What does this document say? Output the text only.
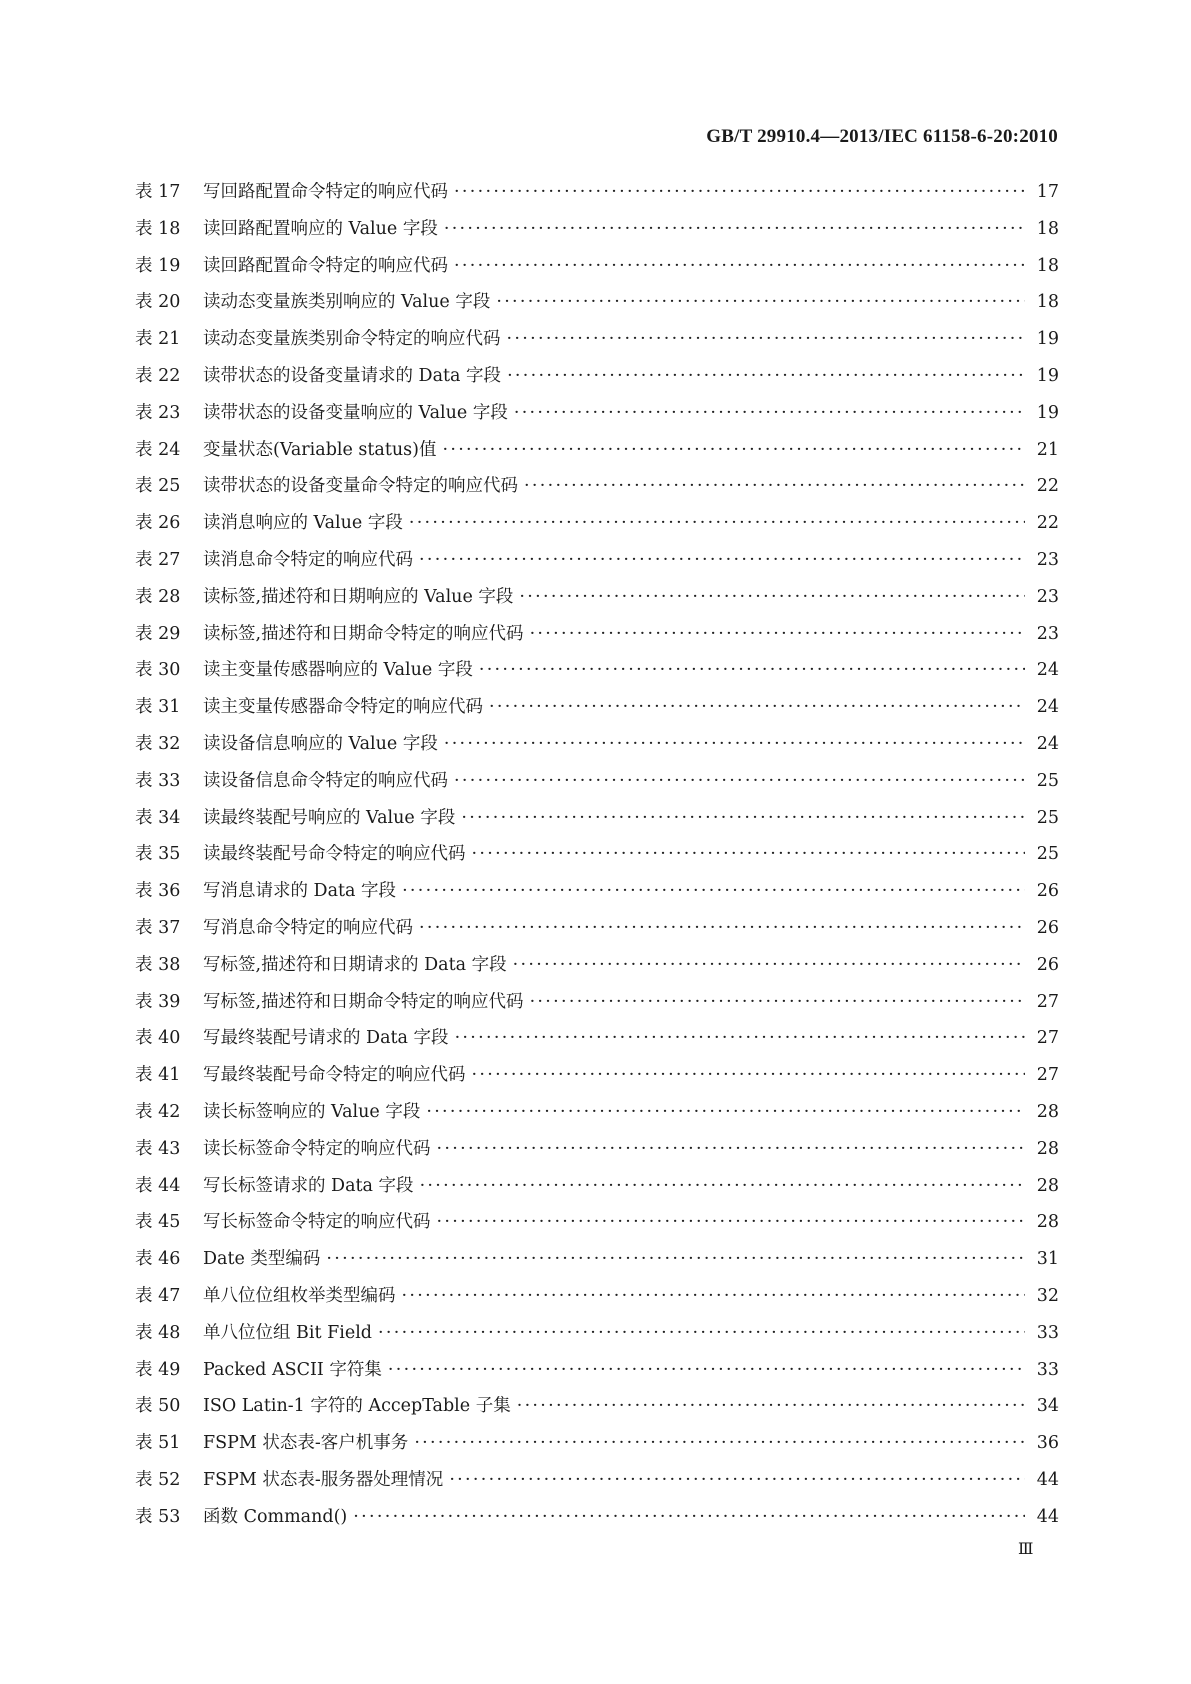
GB/T 29910.4—2013/IEC 61158-6-20:2010
表 17	写回路配置命令特定的响应代码 ·····	17
表 18	读回路配置响应的 Value 字段 ·····	18
表 19	读回路配置命令特定的响应代码 ·····	18
表 20	读动态变量族类别响应的 Value 字段 ·····	18
表 21	读动态变量族类别命令特定的响应代码 ·····	19
表 22	读带状态的设备变量请求的 Data 字段 ·····	19
表 23	读带状态的设备变量响应的 Value 字段 ·····	19
表 24	变量状态(Variable status)值 ·····	21
表 25	读带状态的设备变量命令特定的响应代码 ·····	22
表 26	读消息响应的 Value 字段 ·····	22
表 27	读消息命令特定的响应代码 ·····	23
表 28	读标签,描述符和日期响应的 Value 字段 ·····	23
表 29	读标签,描述符和日期命令特定的响应代码 ·····	23
表 30	读主变量传感器响应的 Value 字段 ·····	24
表 31	读主变量传感器命令特定的响应代码 ·····	24
表 32	读设备信息响应的 Value 字段 ·····	24
表 33	读设备信息命令特定的响应代码 ·····	25
表 34	读最终装配号响应的 Value 字段 ·····	25
表 35	读最终装配号命令特定的响应代码 ·····	25
表 36	写消息请求的 Data 字段 ·····	26
表 37	写消息命令特定的响应代码 ·····	26
表 38	写标签,描述符和日期请求的 Data 字段 ·····	26
表 39	写标签,描述符和日期命令特定的响应代码 ·····	27
表 40	写最终装配号请求的 Data 字段 ·····	27
表 41	写最终装配号命令特定的响应代码 ·····	27
表 42	读长标签响应的 Value 字段 ·····	28
表 43	读长标签命令特定的响应代码 ·····	28
表 44	写长标签请求的 Data 字段 ·····	28
表 45	写长标签命令特定的响应代码 ·····	28
表 46	Date 类型编码 ·····	31
表 47	单八位位组枚举类型编码 ·····	32
表 48	单八位位组 Bit Field ·····	33
表 49	Packed ASCII 字符集 ·····	33
表 50	ISO Latin-1 字符的 AccepTable 子集 ·····	34
表 51	FSPM 状态表-客户机事务 ·····	36
表 52	FSPM 状态表-服务器处理情况 ·····	44
表 53	函数 Command() ·····	44
Ⅲ
